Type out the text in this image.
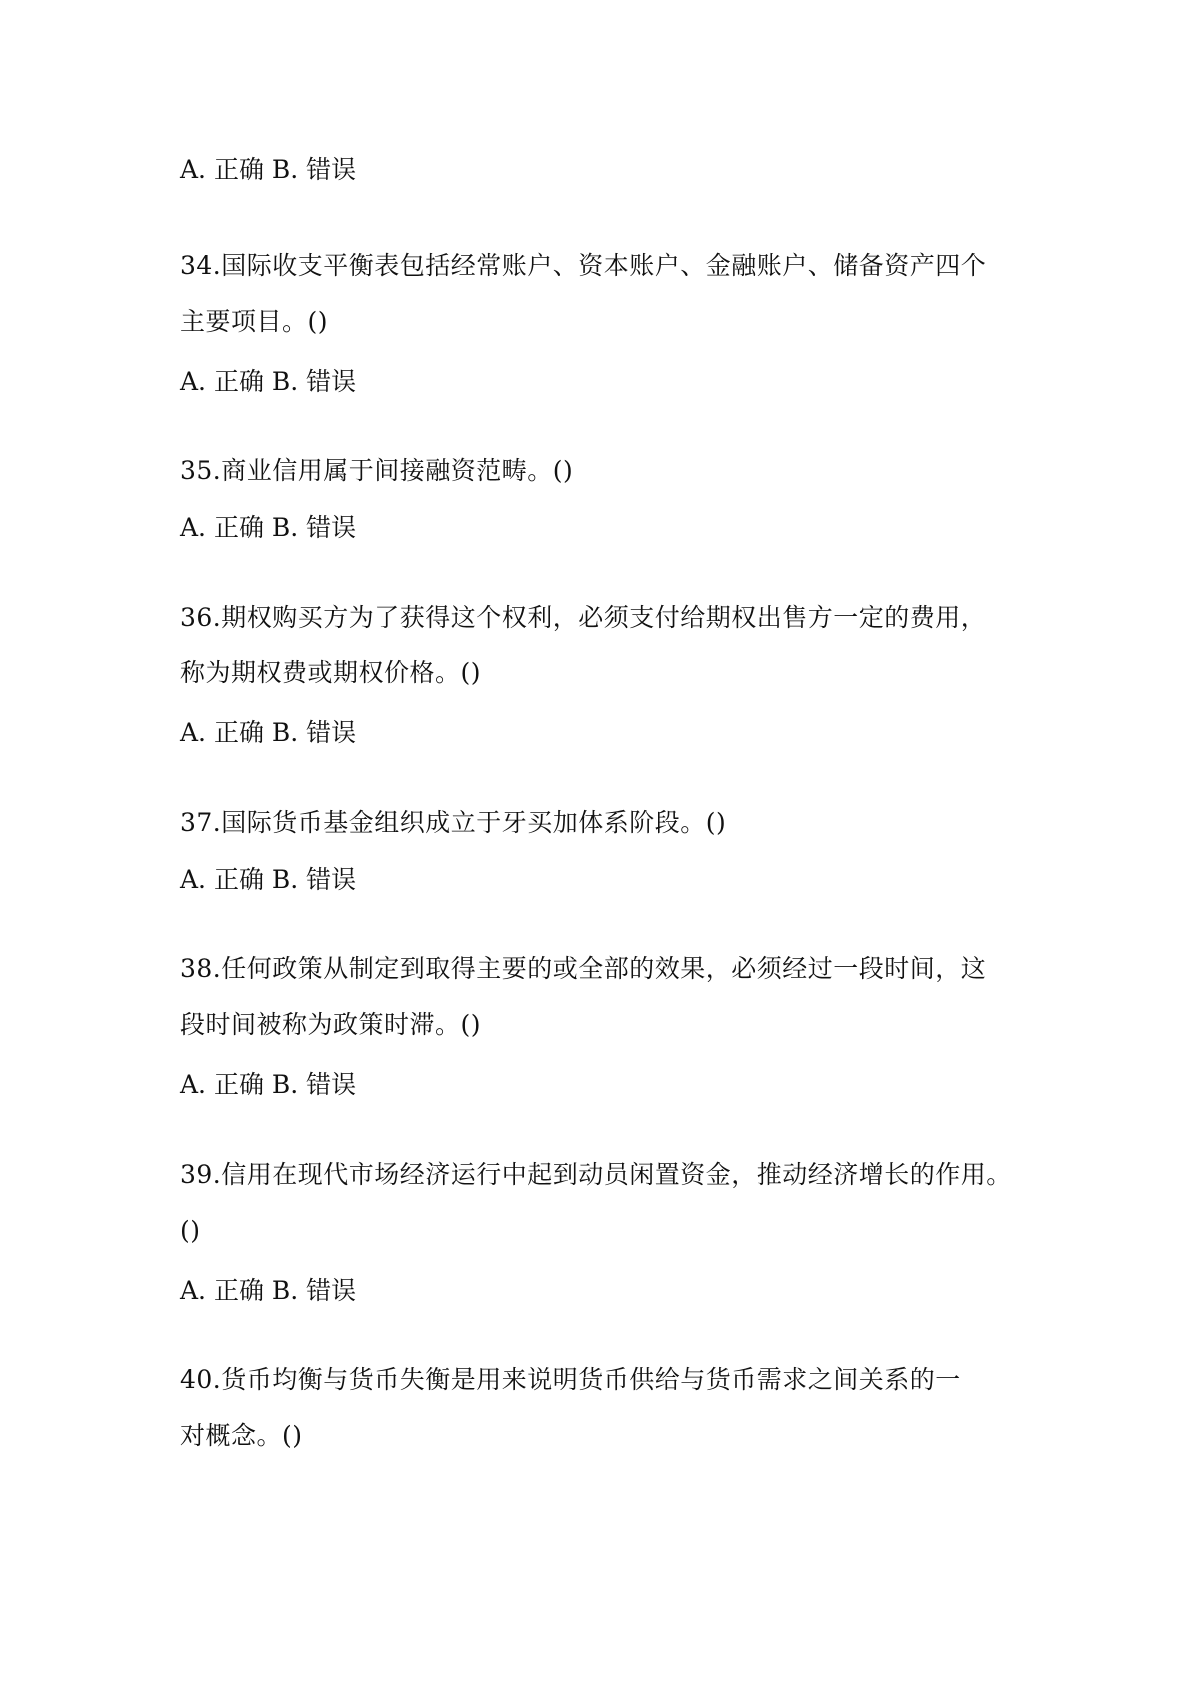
A. 正确 B. 错误
34.国际收支平衡表包括经常账户、资本账户、金融账户、储备资产四个
主要项目。()
A. 正确 B. 错误
35.商业信用属于间接融资范畴。()
A. 正确 B. 错误
36.期权购买方为了获得这个权利，必须支付给期权出售方一定的费用，
称为期权费或期权价格。()
A. 正确 B. 错误
37.国际货币基金组织成立于牙买加体系阶段。()
A. 正确 B. 错误
38.任何政策从制定到取得主要的或全部的效果，必须经过一段时间，这
段时间被称为政策时滞。()
A. 正确 B. 错误
39.信用在现代市场经济运行中起到动员闲置资金，推动经济增长的作用。
()
A. 正确 B. 错误
40.货币均衡与货币失衡是用来说明货币供给与货币需求之间关系的一
对概念。()
